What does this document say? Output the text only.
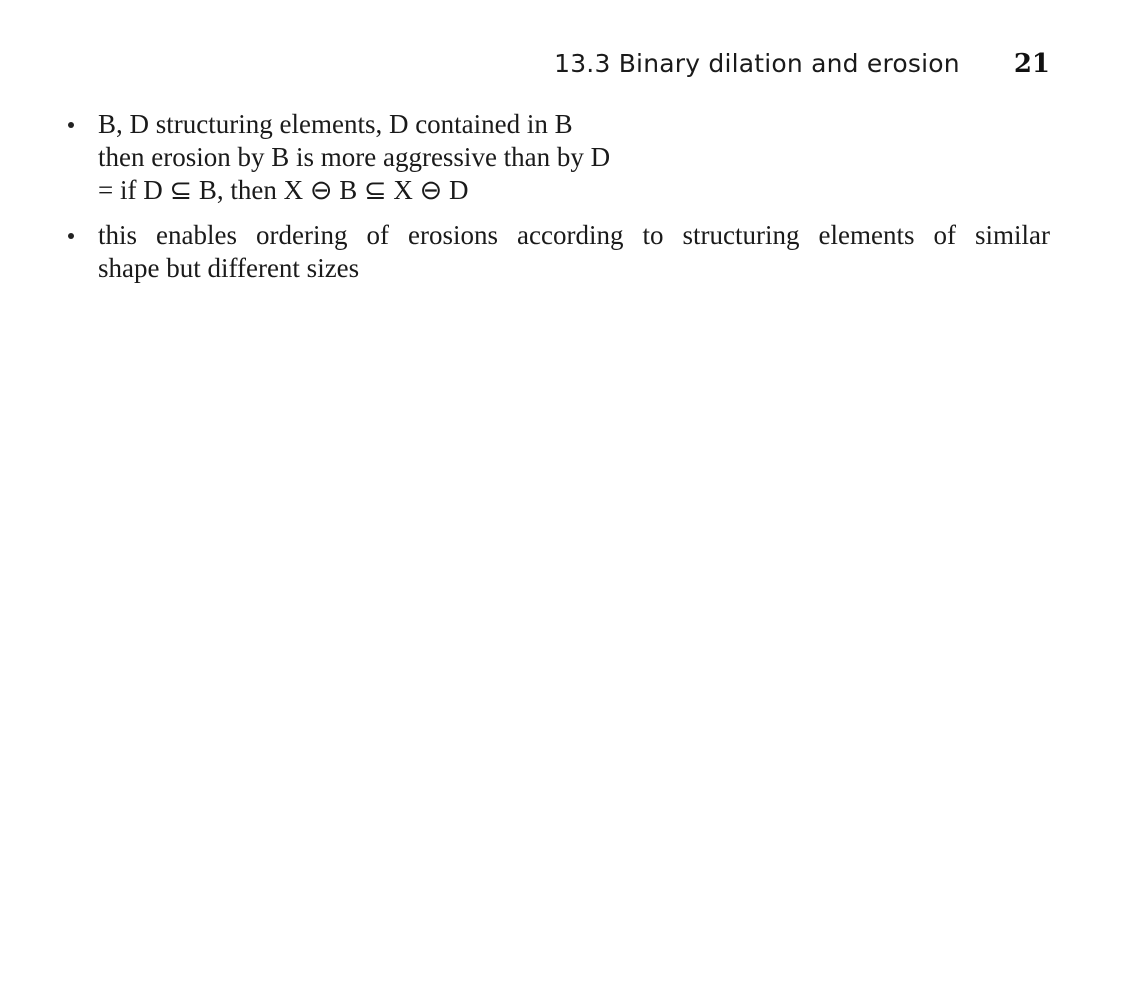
13.3 Binary dilation and erosion 21
B, D structuring elements, D contained in B
then erosion by B is more aggressive than by D
= if D ⊆ B, then X ⊖ B ⊆ X ⊖ D
this enables ordering of erosions according to structuring elements of similar
shape but different sizes
